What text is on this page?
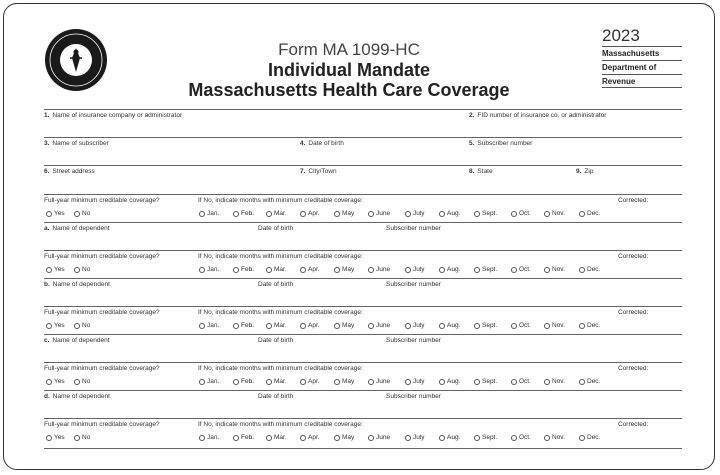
Form MA 1099-HC
Individual Mandate
Massachusetts Health Care Coverage
2023
Massachusetts
Department of
Revenue
1. Name of insurance company or administrator	2. FID number of insurance co. or administrator
3. Name of subscriber	4. Date of birth	5. Subscriber number
6. Street address	7. City/Town	8. State	9. Zip
Full-year minimum creditable coverage?	If No, indicate months with minimum creditable coverage:	Corrected:
Yes	No	Jan.	Feb.	Mar.	Apr.	May	June	July	Aug.	Sept.	Oct.	Nov.	Dec.
a. Name of dependent	Date of birth	Subscriber number
Full-year minimum creditable coverage?	If No, indicate months with minimum creditable coverage:	Corrected:
Yes	No	Jan.	Feb.	Mar.	Apr.	May	June	July	Aug.	Sept.	Oct.	Nov.	Dec.
b. Name of dependent	Date of birth	Subscriber number
Full-year minimum creditable coverage?	If No, indicate months with minimum creditable coverage:	Corrected:
Yes	No	Jan.	Feb.	Mar.	Apr.	May	June	July	Aug.	Sept.	Oct.	Nov.	Dec.
c. Name of dependent	Date of birth	Subscriber number
Full-year minimum creditable coverage?	If No, indicate months with minimum creditable coverage:	Corrected:
Yes	No	Jan.	Feb.	Mar.	Apr.	May	June	July	Aug.	Sept.	Oct.	Nov.	Dec.
d. Name of dependent	Date of birth	Subscriber number
Full-year minimum creditable coverage?	If No, indicate months with minimum creditable coverage:	Corrected:
Yes	No	Jan.	Feb.	Mar.	Apr.	May	June	July	Aug.	Sept.	Oct.	Nov.	Dec.
